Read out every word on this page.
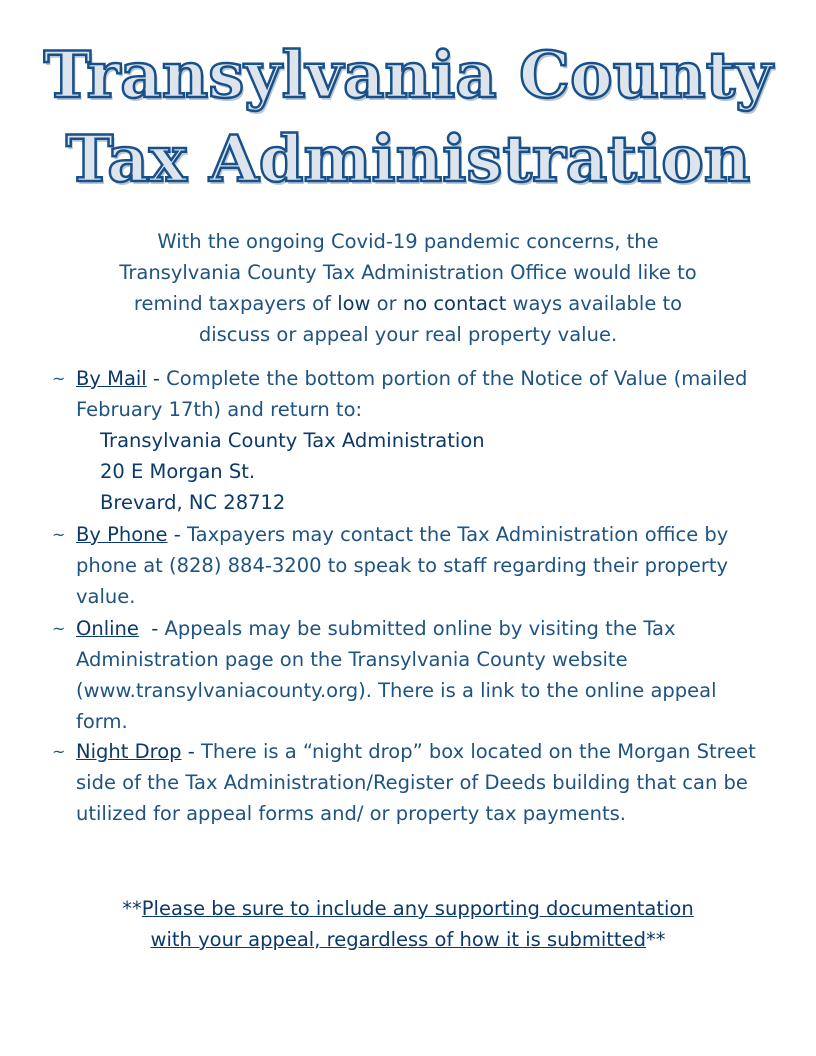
Transylvania County
Tax Administration
With the ongoing Covid-19 pandemic concerns, the
Transylvania County Tax Administration Office would like to
remind taxpayers of low or no contact ways available to
discuss or appeal your real property value.
~ By Mail - Complete the bottom portion of the Notice of Value (mailed February 17th) and return to:
Transylvania County Tax Administration
20 E Morgan St.
Brevard, NC 28712
~ By Phone - Taxpayers may contact the Tax Administration office by phone at (828) 884-3200 to speak to staff regarding their property value.
~ Online  - Appeals may be submitted online by visiting the Tax Administration page on the Transylvania County website (www.transylvaniacounty.org). There is a link to the online appeal form.
~ Night Drop - There is a “night drop” box located on the Morgan Street side of the Tax Administration/Register of Deeds building that can be utilized for appeal forms and/ or property tax payments.
**Please be sure to include any supporting documentation
with your appeal, regardless of how it is submitted**
